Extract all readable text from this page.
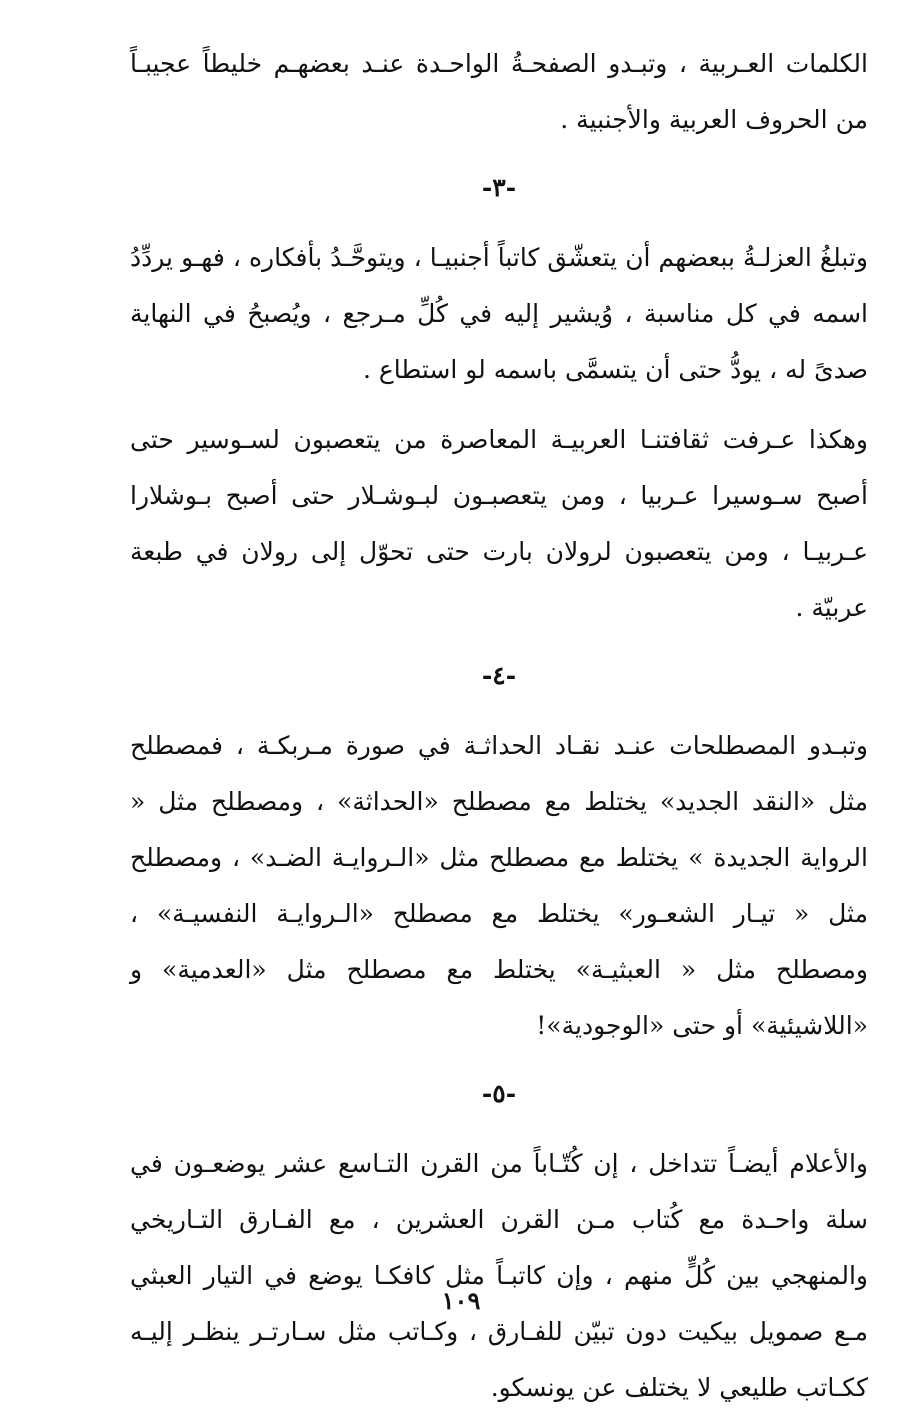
الكلمات العـربية ، وتبـدو الصفحـةُ الواحـدة عنـد بعضهـم خليطاً عجيبـاً من الحروف العربية والأجنبية .

-٣-

وتبلغُ العزلـةُ ببعضهم أن يتعشّق كاتباً أجنبيـا ، ويتوحَّـدُ بأفكاره ، فهـو يردِّدُ اسمه في كل مناسبة ، وُيشير إليه في كُلِّ مـرجع ، ويُصبحُ في النهاية صدىً له ، يودُّ حتى أن يتسمَّى باسمه لو استطاع .

وهكذا عـرفت ثقافتنـا العربيـة المعاصرة من يتعصبون لسـوسير حتى أصبح سـوسيرا عـربيا ، ومن يتعصبـون لبـوشـلار حتى أصبح بـوشلارا عـربيـا ، ومن يتعصبون لرولان بارت حتى تحوّل إلى رولان في طبعة عربيّة .

-٤-

وتبـدو المصطلحات عنـد نقـاد الحداثـة في صورة مـربكـة ، فمصطلح مثل «النقد الجديد» يختلط مع مصطلح «الحداثة» ، ومصطلح مثل « الرواية الجديدة » يختلط مع مصطلح مثل «الـروايـة الضـد» ، ومصطلح مثل « تيـار الشعـور» يختلط مع مصطلح «الـروايـة النفسيـة» ، ومصطلح مثل « العبثيـة» يختلط مع مصطلح مثل «العدمية» و «اللاشيئية» أو حتى «الوجودية»!

-٥-

والأعلام أيضـاً تتداخل ، إن كُتّـاباً من القرن التـاسع عشر يوضعـون في سلة واحـدة مع كُتاب مـن القرن العشرين ، مع الفـارق التـاريخي والمنهجي بين كُلٍّ منهم ، وإن كاتبـاً مثل كافكـا يوضع في التيار العبثي مـع صمويل بيكيت دون تبيّن للفـارق ، وكـاتب مثل سـارتـر ينظـر إليـه ككـاتب طليعي لا يختلف عن يونسكو.

١٠٩
